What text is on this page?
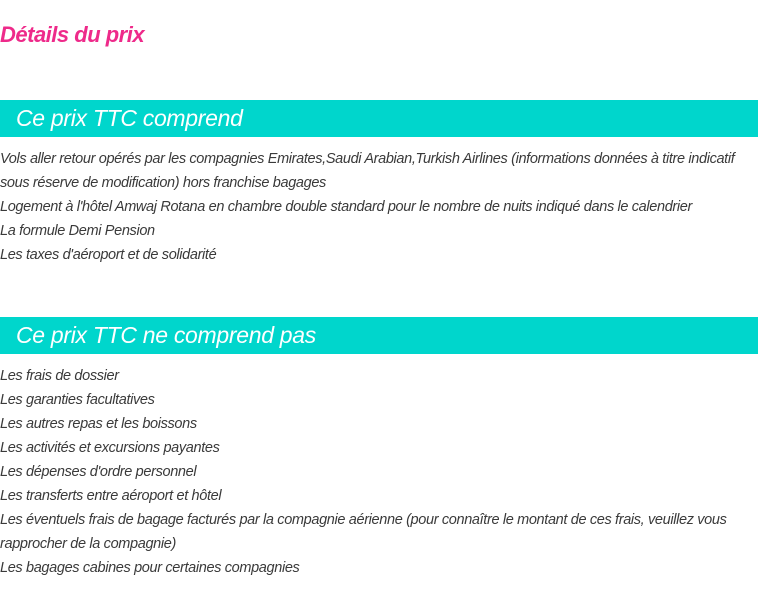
Détails du prix
Ce prix TTC comprend
Vols aller retour opérés par les compagnies Emirates,Saudi Arabian,Turkish Airlines (informations données à titre indicatif sous réserve de modification) hors franchise bagages
Logement à l'hôtel Amwaj Rotana en chambre double standard pour le nombre de nuits indiqué dans le calendrier
La formule Demi Pension
Les taxes d'aéroport et de solidarité
Ce prix TTC ne comprend pas
Les frais de dossier
Les garanties facultatives
Les autres repas et les boissons
Les activités et excursions payantes
Les dépenses d'ordre personnel
Les transferts entre aéroport et hôtel
Les éventuels frais de bagage facturés par la compagnie aérienne (pour connaître le montant de ces frais, veuillez vous rapprocher de la compagnie)
Les bagages cabines pour certaines compagnies
